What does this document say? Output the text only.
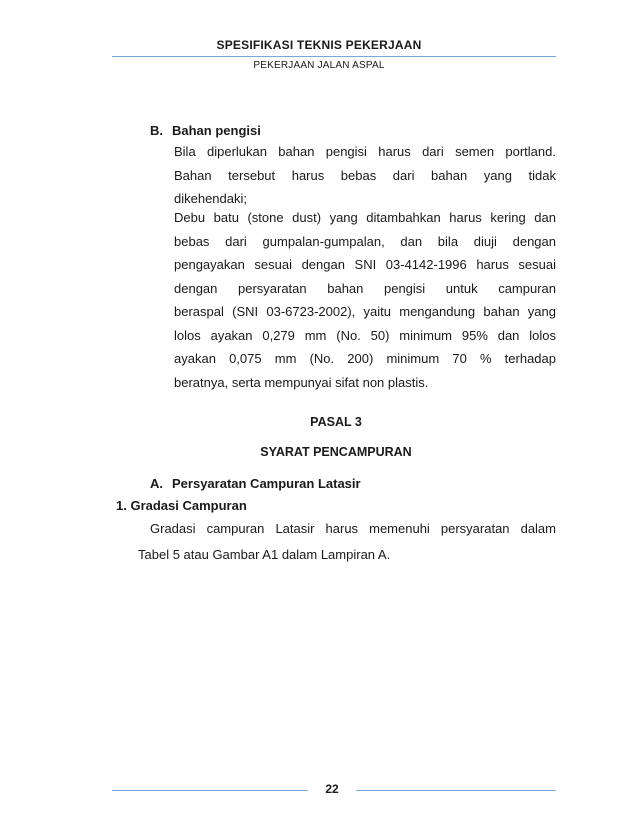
SPESIFIKASI TEKNIS PEKERJAAN
PEKERJAAN JALAN ASPAL
B. Bahan pengisi
Bila diperlukan bahan pengisi harus dari semen portland.
Bahan tersebut harus bebas dari bahan yang tidak
dikehendaki;
Debu batu (stone dust) yang ditambahkan harus kering dan
bebas dari gumpalan-gumpalan, dan bila diuji dengan
pengayakan sesuai dengan SNI 03-4142-1996 harus sesuai
dengan persyaratan bahan pengisi untuk campuran
beraspal (SNI 03-6723-2002), yaitu mengandung bahan yang
lolos ayakan 0,279 mm (No. 50) minimum 95% dan lolos
ayakan 0,075 mm (No. 200) minimum 70 % terhadap
beratnya, serta mempunyai sifat non plastis.
PASAL 3
SYARAT PENCAMPURAN
A. Persyaratan Campuran Latasir
1. Gradasi Campuran
Gradasi campuran Latasir harus memenuhi persyaratan dalam
Tabel 5 atau Gambar A1 dalam Lampiran A.
22
